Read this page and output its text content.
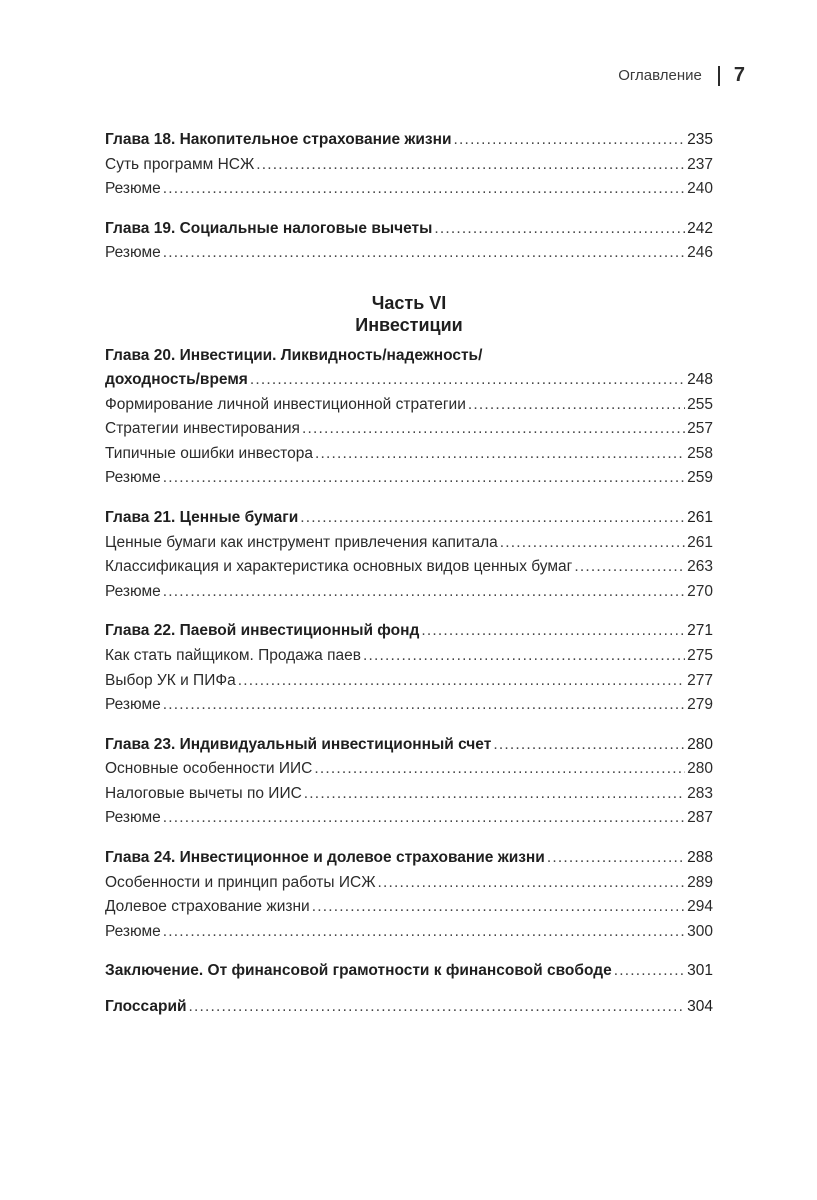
Оглавление 7
Глава 18. Накопительное страхование жизни .....	235
Суть программ НСЖ .....	237
Резюме .....	240
Глава 19. Социальные налоговые вычеты .....	242
Резюме .....	246
Часть VI
Инвестиции
Глава 20. Инвестиции. Ликвидность/надежность/
доходность/время .....	248
Формирование личной инвестиционной стратегии .....	255
Стратегии инвестирования .....	257
Типичные ошибки инвестора .....	258
Резюме .....	259
Глава 21. Ценные бумаги .....	261
Ценные бумаги как инструмент привлечения капитала .....	261
Классификация и характеристика основных видов ценных бумаг .....	263
Резюме .....	270
Глава 22. Паевой инвестиционный фонд .....	271
Как стать пайщиком. Продажа паев .....	275
Выбор УК и ПИФа .....	277
Резюме .....	279
Глава 23. Индивидуальный инвестиционный счет .....	280
Основные особенности ИИС .....	280
Налоговые вычеты по ИИС .....	283
Резюме .....	287
Глава 24. Инвестиционное и долевое страхование жизни .....	288
Особенности и принцип работы ИСЖ .....	289
Долевое страхование жизни .....	294
Резюме .....	300
Заключение. От финансовой грамотности к финансовой свободе .....	301
Глоссарий .....	304
